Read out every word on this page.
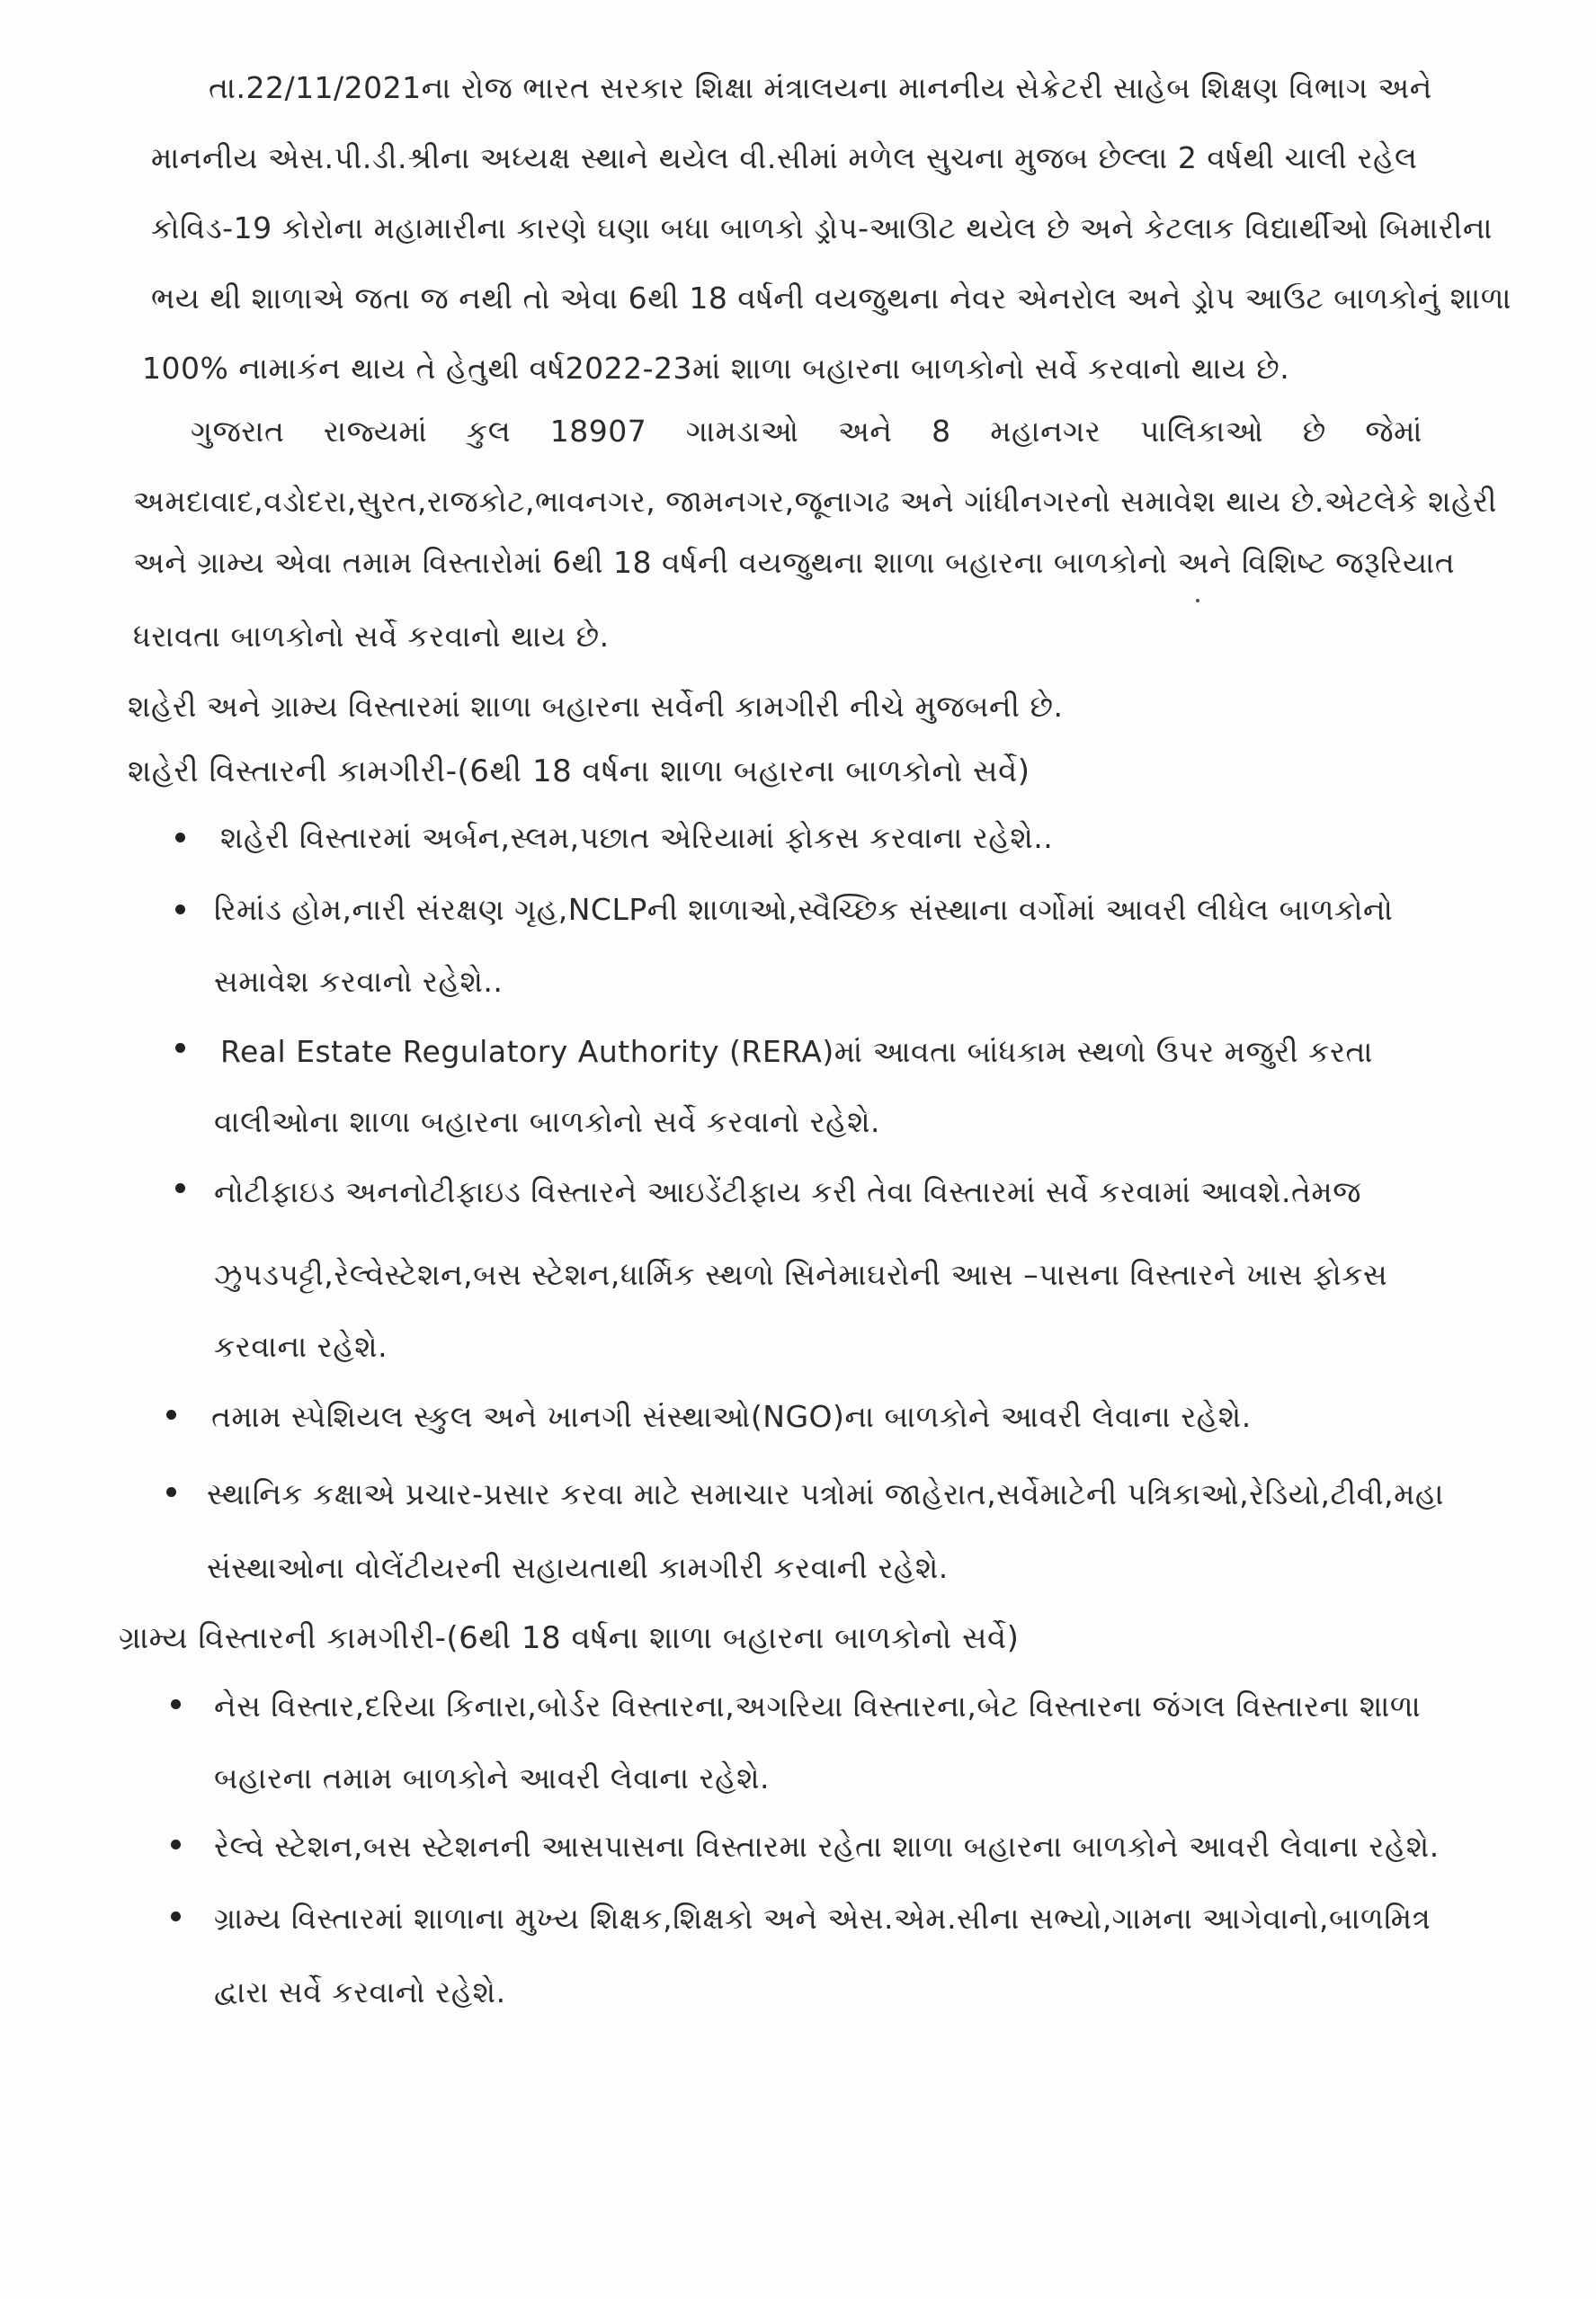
તા.22/11/2021ના રોજ ભારત સરકાર શિક્ષા મંત્રાલયના માનનીય સેક્રેટરી સાહેબ શિક્ષણ વિભાગ અને
માનનીય એસ.પી.ડી.શ્રીના અધ્યક્ષ સ્થાને થયેલ વી.સીમાં મળેલ સુચના મુજબ છેલ્લા 2 વર્ષથી ચાલી રહેલ
કોવિડ-19 કોરોના મહામારીના કારણે ઘણા બધા બાળકો ડ્રોપ-આઊટ થયેલ છે અને કેટલાક વિદ્યાર્થીઓ બિમારીના
ભય થી શાળાએ જતા જ નથી તો એવા 6થી 18 વર્ષની વયજુથના નેવર એનરોલ અને ડ્રોપ આઉટ બાળકોનું શાળા
100% નામાકંન થાય તે હેતુથી વર્ષ2022-23માં શાળા બહારના બાળકોનો સર્વે કરવાનો થાય છે.
ગુજરાત રાજ્યમાં કુલ 18907 ગામડાઓ અને 8 મહાનગર પાલિકાઓ છે જેમાં
અમદાવાદ,વડોદરા,સુરત,રાજકોટ,ભાવનગર, જામનગર,જૂનાગઢ અને ગાંધીનગરનો સમાવેશ થાય છે.એટલેકે શહેરી
અને ગ્રામ્ય એવા તમામ વિસ્તારોમાં 6થી 18 વર્ષની વયજુથના શાળા બહારના બાળકોનો અને વિશિષ્ટ જરૂરિયાત
ધરાવતા બાળકોનો સર્વે કરવાનો થાય છે.
શહેરી અને ગ્રામ્ય વિસ્તારમાં શાળા બહારના સર્વેની કામગીરી નીચે મુજબની છે.
શહેરી વિસ્તારની કામગીરી-(6થી 18 વર્ષના શાળા બહારના બાળકોનો સર્વે)
શહેરી વિસ્તારમાં અર્બન,સ્લમ,પછાત એરિયામાં ફોકસ કરવાના રહેશે..
રિમાંડ હોમ,નારી સંરક્ષણ ગૃહ,NCLPની શાળાઓ,સ્વૈચ્છિક સંસ્થાના વર્ગોમાં આવરી લીધેલ બાળકોનો
સમાવેશ કરવાનો રહેશે..
Real Estate Regulatory Authority (RERA)માં આવતા બાંધકામ સ્થળો ઉપર મજુરી કરતા
વાલીઓના શાળા બહારના બાળકોનો સર્વે કરવાનો રહેશે.
નોટીફાઇડ અનનોટીફાઇડ વિસ્તારને આઇડેંટીફાય કરી તેવા વિસ્તારમાં સર્વે કરવામાં આવશે.તેમજ
ઝુપડપટ્ટી,રેલ્વેસ્ટેશન,બસ સ્ટેશન,ધાર્મિક સ્થળો સિનેમાઘરોની આસ –પાસના વિસ્તારને ખાસ ફોકસ
કરવાના રહેશે.
તમામ સ્પેશિયલ સ્કુલ અને ખાનગી સંસ્થાઓ(NGO)ના બાળકોને આવરી લેવાના રહેશે.
સ્થાનિક કક્ષાએ પ્રચાર-પ્રસાર કરવા માટે સમાચાર પત્રોમાં જાહેરાત,સર્વેમાટેની પત્રિકાઓ,રેડિયો,ટીવી,મહા
સંસ્થાઓના વોલેંટીયરની સહાયતાથી કામગીરી કરવાની રહેશે.
ગ્રામ્ય વિસ્તારની કામગીરી-(6થી 18 વર્ષના શાળા બહારના બાળકોનો સર્વે)
નેસ વિસ્તાર,દરિયા કિનારા,બોર્ડર વિસ્તારના,અગરિયા વિસ્તારના,બેટ વિસ્તારના જંગલ વિસ્તારના શાળા
બહારના તમામ બાળકોને આવરી લેવાના રહેશે.
રેલ્વે સ્ટેશન,બસ સ્ટેશનની આસપાસના વિસ્તારમા રહેતા શાળા બહારના બાળકોને આવરી લેવાના રહેશે.
ગ્રામ્ય વિસ્તારમાં શાળાના મુખ્ય શિક્ષક,શિક્ષકો અને એસ.એમ.સીના સભ્યો,ગામના આગેવાનો,બાળમિત્ર
દ્વારા સર્વે કરવાનો રહેશે.
